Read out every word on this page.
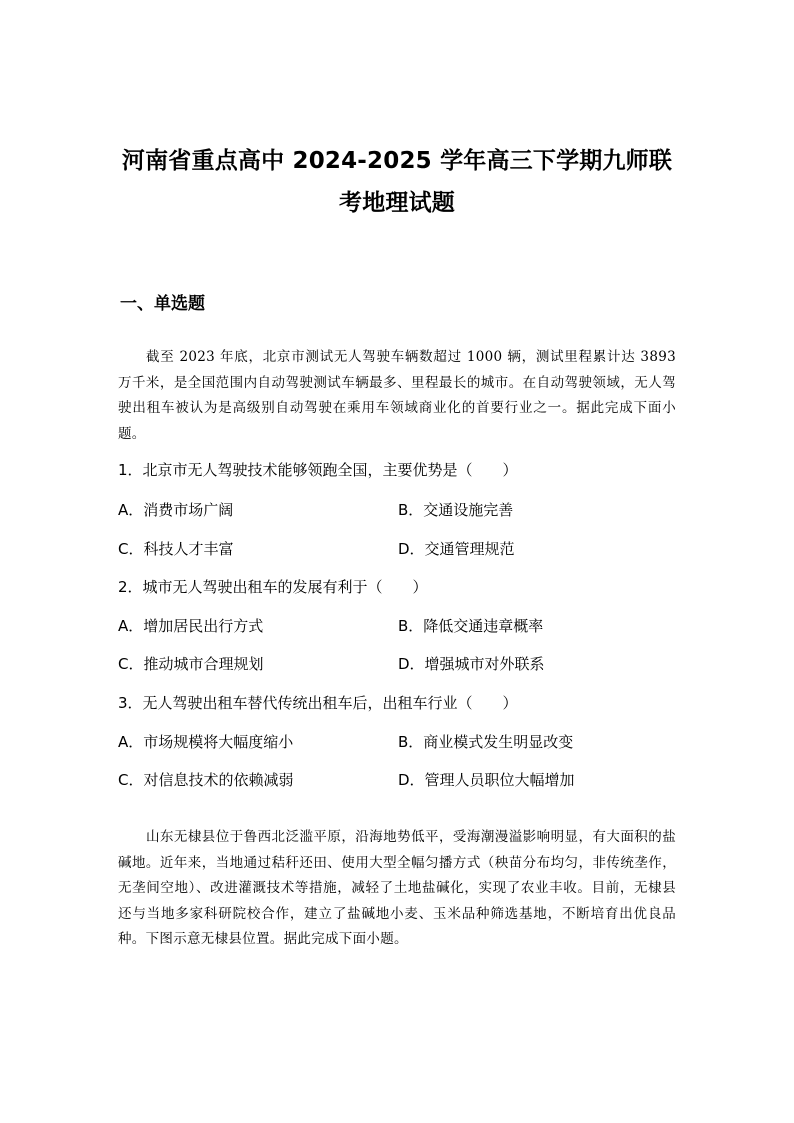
河南省重点高中 2024-2025 学年高三下学期九师联
考地理试题
一、单选题
截至 2023 年底，北京市测试无人驾驶车辆数超过 1000 辆，测试里程累计达 3893 万千米，是全国范围内自动驾驶测试车辆最多、里程最长的城市。在自动驾驶领域，无人驾驶出租车被认为是高级别自动驾驶在乘用车领域商业化的首要行业之一。据此完成下面小题。
1．北京市无人驾驶技术能够领跑全国，主要优势是（　　）
A．消费市场广阔	B．交通设施完善
C．科技人才丰富	D．交通管理规范
2．城市无人驾驶出租车的发展有利于（　　）
A．增加居民出行方式	B．降低交通违章概率
C．推动城市合理规划	D．增强城市对外联系
3．无人驾驶出租车替代传统出租车后，出租车行业（　　）
A．市场规模将大幅度缩小	B．商业模式发生明显改变
C．对信息技术的依赖减弱	D．管理人员职位大幅增加
山东无棣县位于鲁西北泛滥平原，沿海地势低平，受海潮漫溢影响明显，有大面积的盐碱地。近年来，当地通过秸秆还田、使用大型全幅匀播方式（秧苗分布均匀，非传统垄作，无垄间空地）、改进灌溉技术等措施，减轻了土地盐碱化，实现了农业丰收。目前，无棣县还与当地多家科研院校合作，建立了盐碱地小麦、玉米品种筛选基地，不断培育出优良品种。下图示意无棣县位置。据此完成下面小题。
